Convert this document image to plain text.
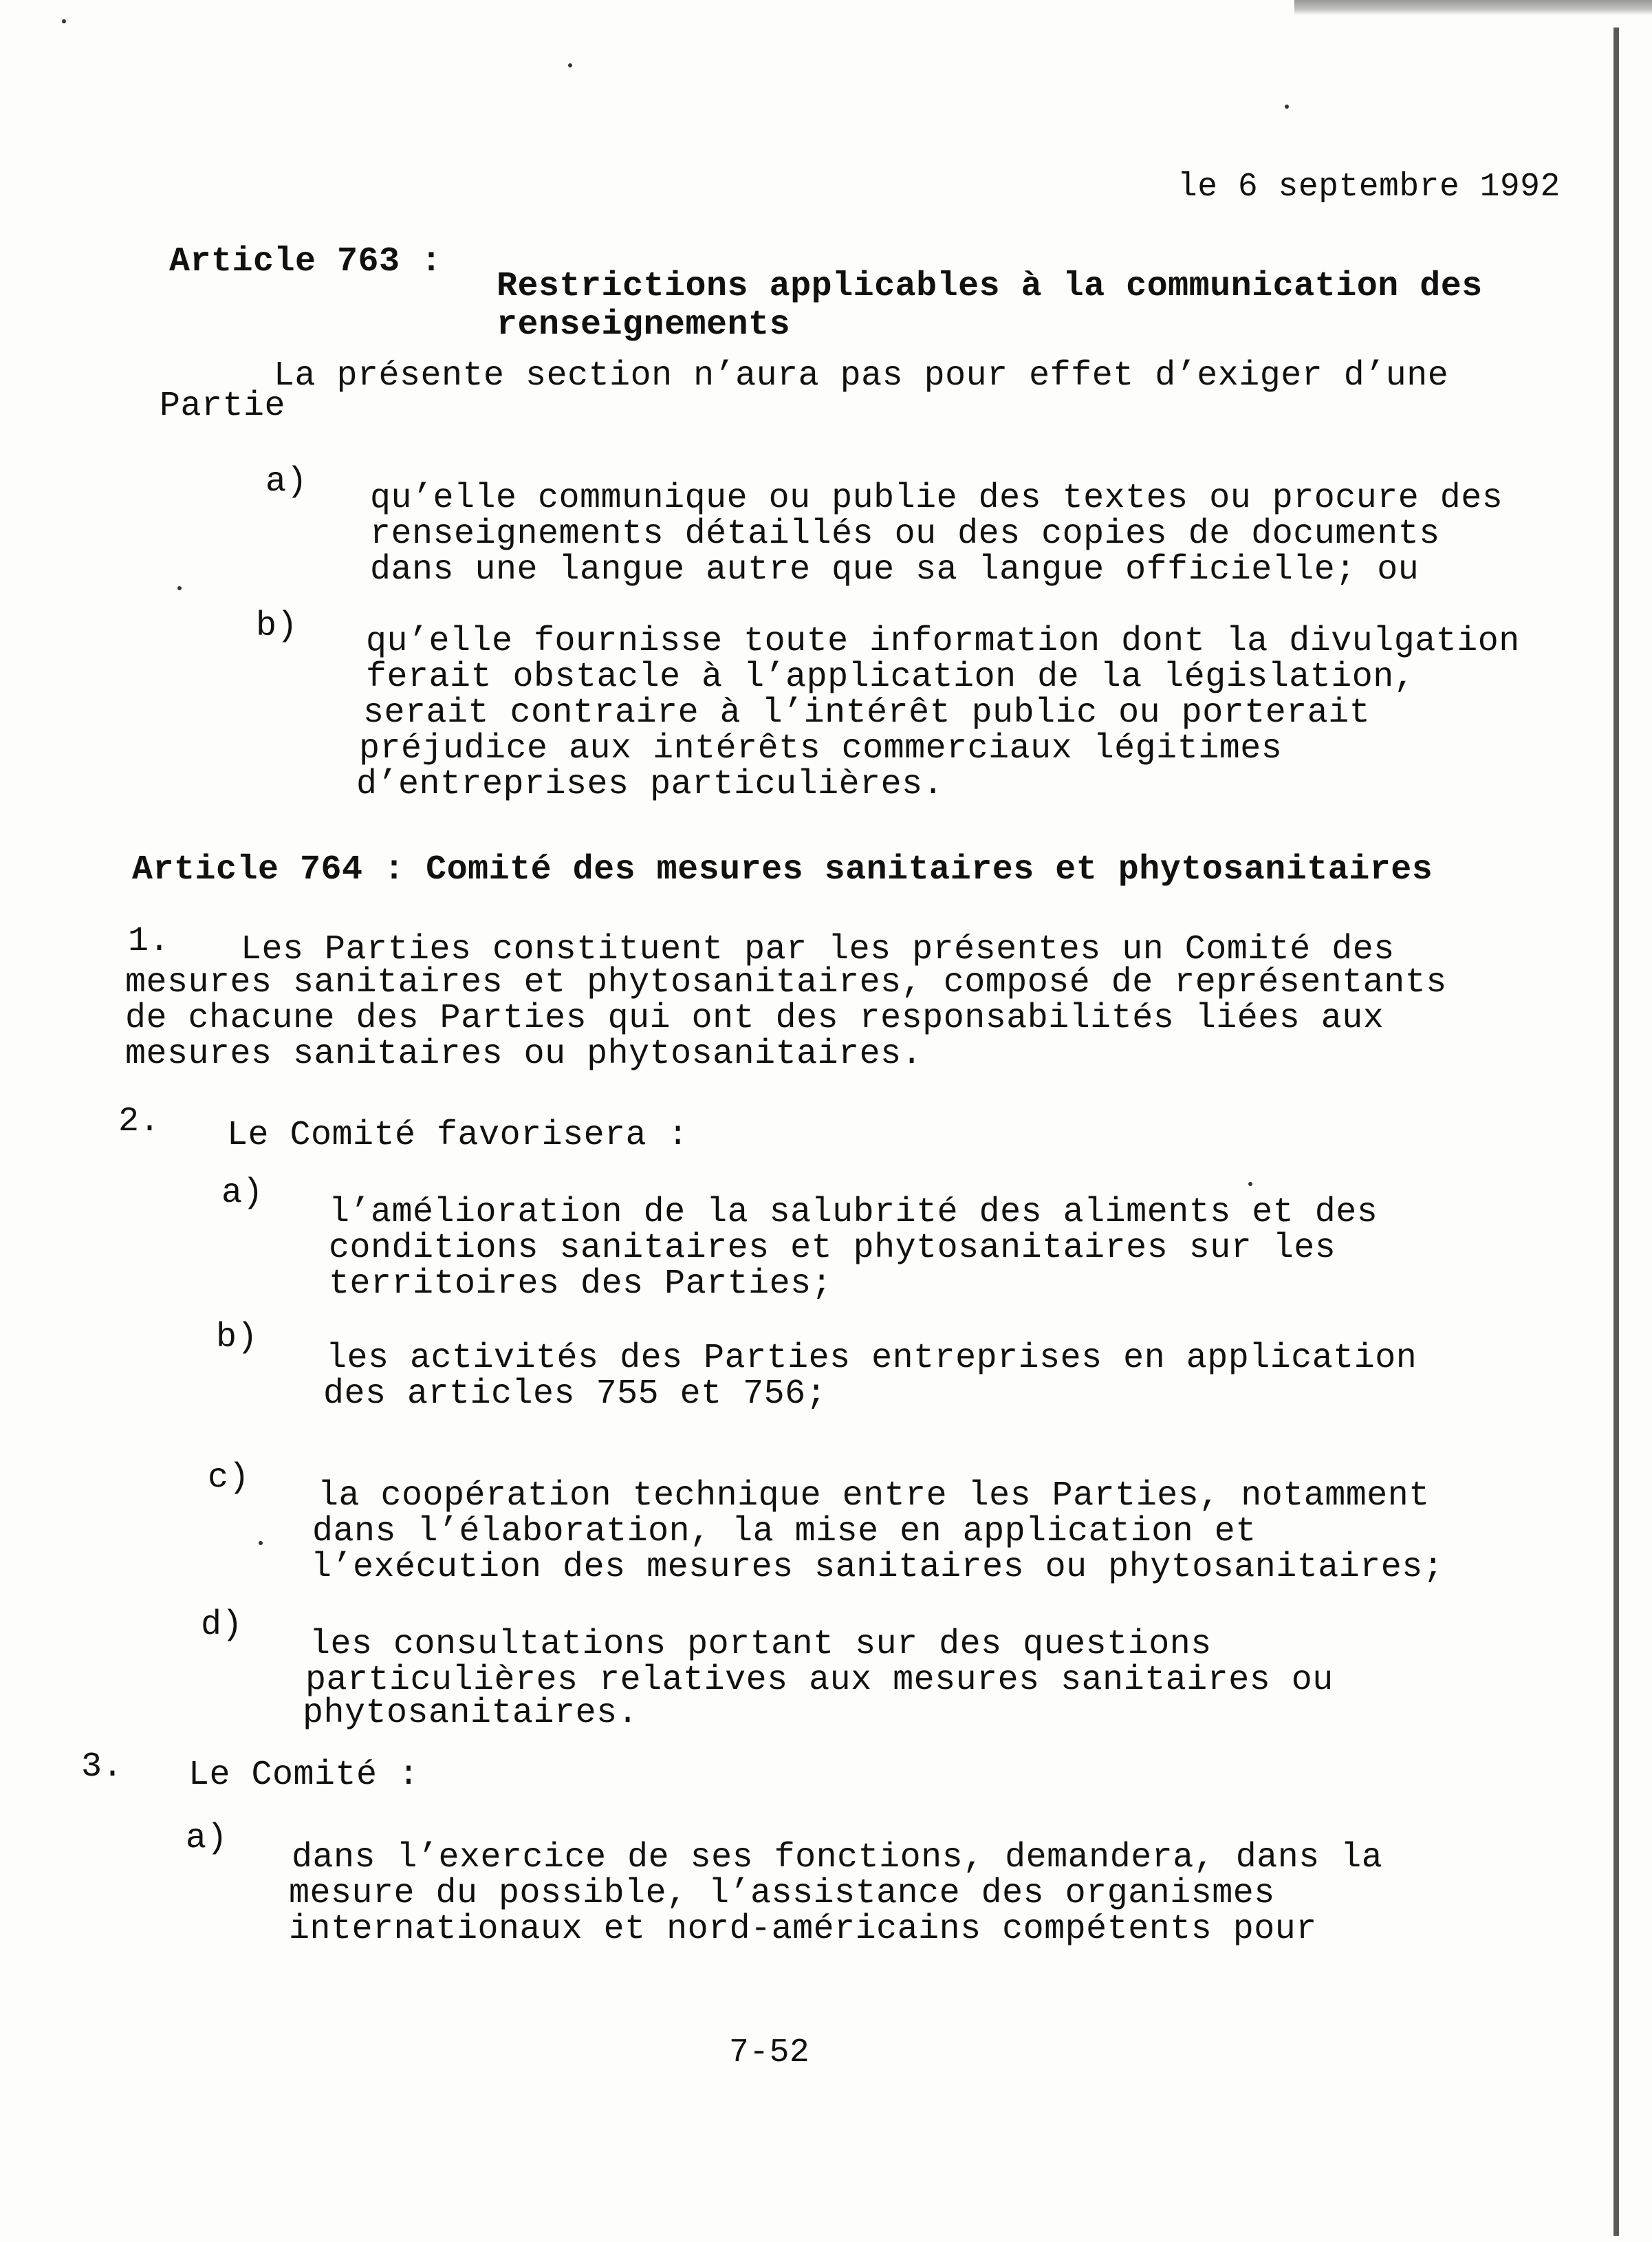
le 6 septembre 1992
Article 763 :
Restrictions applicables à la communication des
renseignements
La présente section n’aura pas pour effet d’exiger d’une
Partie
a) qu’elle communique ou publie des textes ou procure des
renseignements détaillés ou des copies de documents
dans une langue autre que sa langue officielle; ou
b) qu’elle fournisse toute information dont la divulgation
ferait obstacle à l’application de la législation,
serait contraire à l’intérêt public ou porterait
préjudice aux intérêts commerciaux légitimes
d’entreprises particulières.
Article 764 : Comité des mesures sanitaires et phytosanitaires
1. Les Parties constituent par les présentes un Comité des
mesures sanitaires et phytosanitaires, composé de représentants
de chacune des Parties qui ont des responsabilités liées aux
mesures sanitaires ou phytosanitaires.
2. Le Comité favorisera :
a) l’amélioration de la salubrité des aliments et des
conditions sanitaires et phytosanitaires sur les
territoires des Parties;
b)
les activités des Parties entreprises en application
des articles 755 et 756;
c) la coopération technique entre les Parties, notamment
dans l’élaboration, la mise en application et
l’exécution des mesures sanitaires ou phytosanitaires;
d) les consultations portant sur des questions
particulières relatives aux mesures sanitaires ou
phytosanitaires.
3. Le Comité :
a) dans l’exercice de ses fonctions, demandera, dans la
mesure du possible, l’assistance des organismes
internationaux et nord-américains compétents pour
7-52
